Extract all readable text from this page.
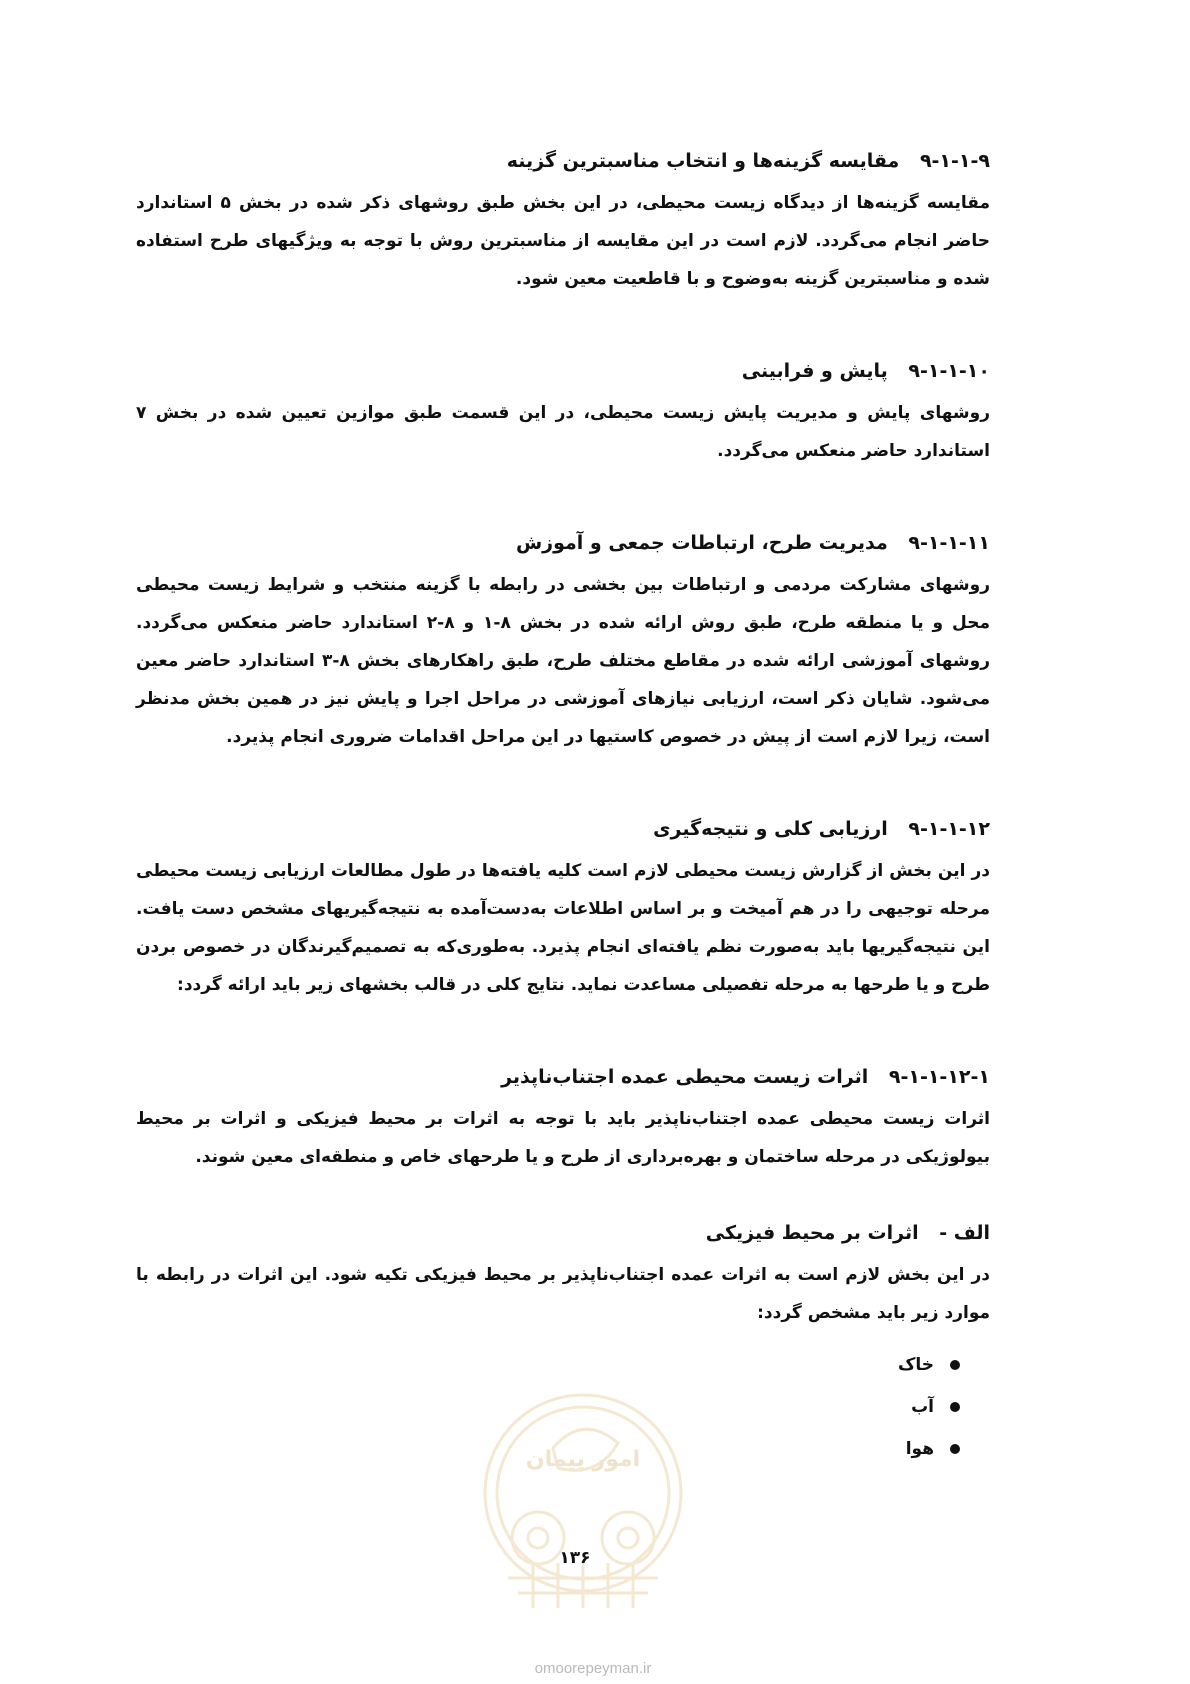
۹-۱-۱-۹ مقایسه گزینه‌ها و انتخاب مناسبترین گزینه

مقایسه گزینه‌ها از دیدگاه زیست محیطی، در این بخش طبق روشهای ذکر شده در بخش ۵ استاندارد حاضر انجام می‌گردد. لازم است در این مقایسه از مناسبترین روش با توجه به ویژگیهای طرح استفاده شده و مناسبترین گزینه به‌وضوح و با قاطعیت معین شود.

۹-۱-۱-۱۰ پایش و فرابینی

روشهای پایش و مدیریت پایش زیست محیطی، در این قسمت طبق موازین تعیین شده در بخش ۷ استاندارد حاضر منعکس می‌گردد.

۹-۱-۱-۱۱ مدیریت طرح، ارتباطات جمعی و آموزش

روشهای مشارکت مردمی و ارتباطات بین بخشی در رابطه با گزینه منتخب و شرایط زیست محیطی محل و یا منطقه طرح، طبق روش ارائه شده در بخش ۸-۱ و ۸-۲ استاندارد حاضر منعکس می‌گردد. روشهای آموزشی ارائه شده در مقاطع مختلف طرح، طبق راهکارهای بخش ۸-۳ استاندارد حاضر معین می‌شود. شایان ذکر است، ارزیابی نیازهای آموزشی در مراحل اجرا و پایش نیز در همین بخش مدنظر است، زیرا لازم است از پیش در خصوص کاستیها در این مراحل اقدامات ضروری انجام پذیرد.

۹-۱-۱-۱۲ ارزیابی کلی و نتیجه‌گیری

در این بخش از گزارش زیست محیطی لازم است کلیه یافته‌ها در طول مطالعات ارزیابی زیست محیطی مرحله توجیهی را در هم آمیخت و بر اساس اطلاعات به‌دست‌آمده به نتیجه‌گیریهای مشخص دست یافت. این نتیجه‌گیریها باید به‌صورت نظم یافته‌ای انجام پذیرد. به‌طوری‌که به تصمیم‌گیرندگان در خصوص بردن طرح و یا طرحها به مرحله تفصیلی مساعدت نماید. نتایج کلی در قالب بخشهای زیر باید ارائه گردد:

۹-۱-۱-۱۲-۱ اثرات زیست محیطی عمده اجتناب‌ناپذیر

اثرات زیست محیطی عمده اجتناب‌ناپذیر باید با توجه به اثرات بر محیط فیزیکی و اثرات بر محیط بیولوژیکی در مرحله ساختمان و بهره‌برداری از طرح و یا طرحهای خاص و منطقه‌ای معین شوند.

الف - اثرات بر محیط فیزیکی

در این بخش لازم است به اثرات عمده اجتناب‌ناپذیر بر محیط فیزیکی تکیه شود. این اثرات در رابطه با موارد زیر باید مشخص گردد:

خاک
آب
هوا
امور پیمان
۱۳۶
omoorepeyman.ir
